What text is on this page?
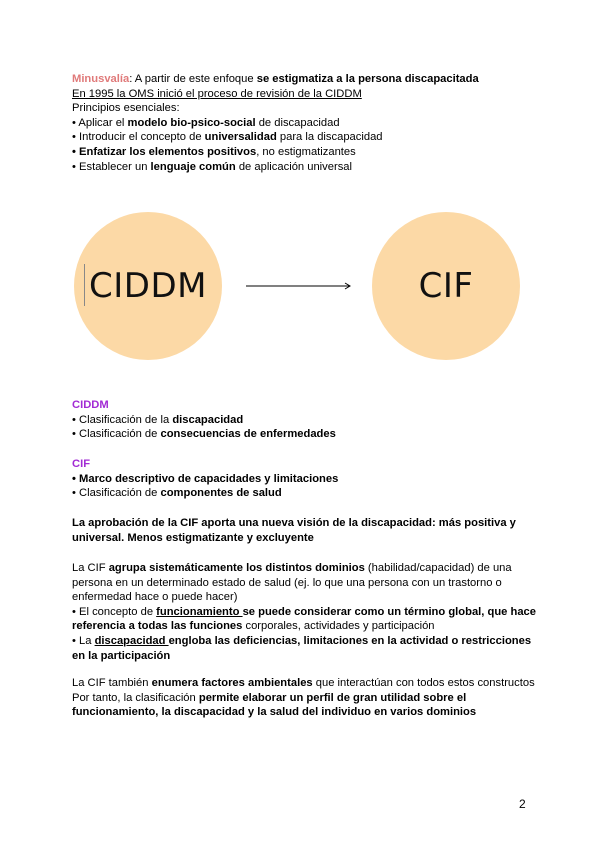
Minusvalía: A partir de este enfoque se estigmatiza a la persona discapacitada

En 1995 la OMS inició el proceso de revisión de la CIDDM

Principios esenciales:

• Aplicar el modelo bio-psico-social de discapacidad

• Introducir el concepto de universalidad para la discapacidad

• Enfatizar los elementos positivos, no estigmatizantes

• Establecer un lenguaje común de aplicación universal

CIDDM	CIF

CIDDM

• Clasificación de la discapacidad

• Clasificación de consecuencias de enfermedades

CIF

• Marco descriptivo de capacidades y limitaciones

• Clasificación de componentes de salud

La aprobación de la CIF aporta una nueva visión de la discapacidad: más positiva y universal. Menos estigmatizante y excluyente

La CIF agrupa sistemáticamente los distintos dominios (habilidad/capacidad) de una persona en un determinado estado de salud (ej. lo que una persona con un trastorno o enfermedad hace o puede hacer)

• El concepto de funcionamiento se puede considerar como un término global, que hace referencia a todas las funciones corporales, actividades y participación

• La discapacidad engloba las deficiencias, limitaciones en la actividad o restricciones en la participación

La CIF también enumera factores ambientales que interactúan con todos estos constructos

Por tanto, la clasificación permite elaborar un perfil de gran utilidad sobre el funcionamiento, la discapacidad y la salud del individuo en varios dominios

2
